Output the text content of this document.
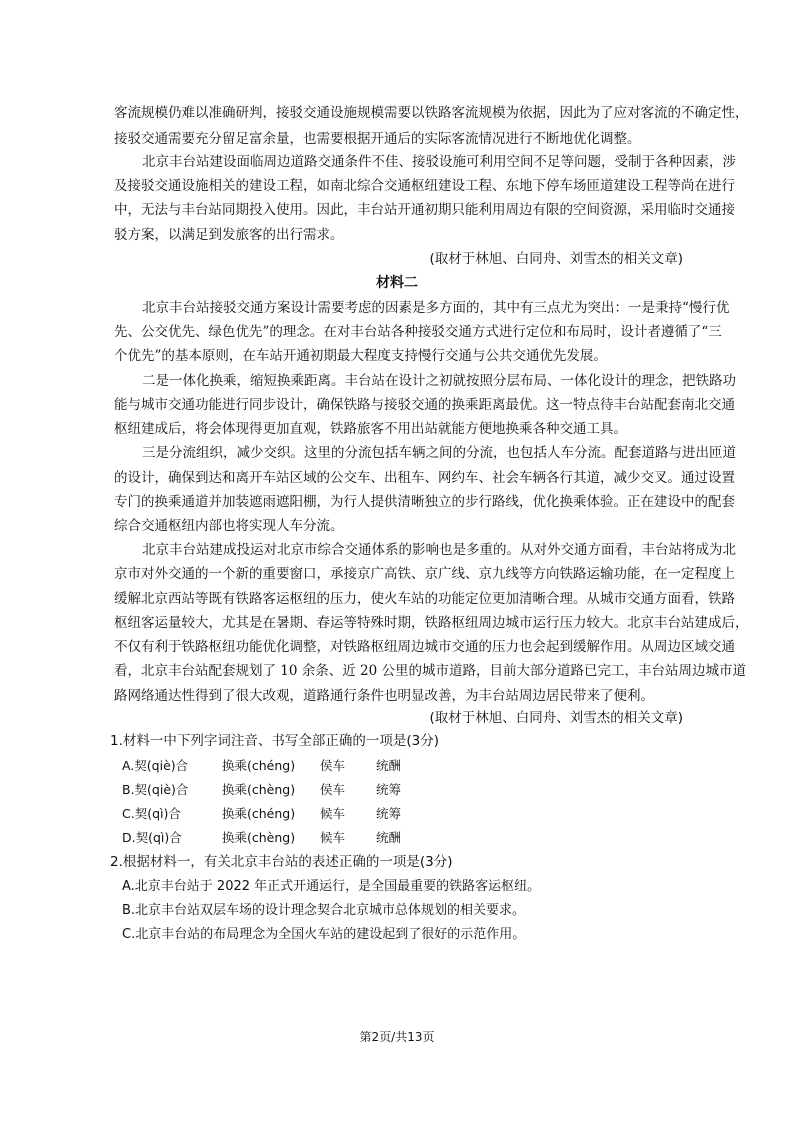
客流规模仍难以准确研判，接驳交通设施规模需要以铁路客流规模为依据，因此为了应对客流的不确定性，
接驳交通需要充分留足富余量，也需要根据开通后的实际客流情况进行不断地优化调整。
北京丰台站建设面临周边道路交通条件不佳、接驳设施可利用空间不足等问题，受制于各种因素，涉
及接驳交通设施相关的建设工程，如南北综合交通枢纽建设工程、东地下停车场匝道建设工程等尚在进行
中，无法与丰台站同期投入使用。因此，丰台站开通初期只能利用周边有限的空间资源，采用临时交通接
驳方案，以满足到发旅客的出行需求。
(取材于林旭、白同舟、刘雪杰的相关文章)
材料二
北京丰台站接驳交通方案设计需要考虑的因素是多方面的，其中有三点尤为突出：一是秉持“慢行优
先、公交优先、绿色优先”的理念。在对丰台站各种接驳交通方式进行定位和布局时，设计者遵循了“三
个优先”的基本原则，在车站开通初期最大程度支持慢行交通与公共交通优先发展。
二是一体化换乘，缩短换乘距离。丰台站在设计之初就按照分层布局、一体化设计的理念，把铁路功
能与城市交通功能进行同步设计，确保铁路与接驳交通的换乘距离最优。这一特点待丰台站配套南北交通
枢纽建成后，将会体现得更加直观，铁路旅客不用出站就能方便地换乘各种交通工具。
三是分流组织，减少交织。这里的分流包括车辆之间的分流，也包括人车分流。配套道路与进出匝道
的设计，确保到达和离开车站区域的公交车、出租车、网约车、社会车辆各行其道，减少交叉。通过设置
专门的换乘通道并加装遮雨遮阳棚，为行人提供清晰独立的步行路线，优化换乘体验。正在建设中的配套
综合交通枢纽内部也将实现人车分流。
北京丰台站建成投运对北京市综合交通体系的影响也是多重的。从对外交通方面看，丰台站将成为北
京市对外交通的一个新的重要窗口，承接京广高铁、京广线、京九线等方向铁路运输功能，在一定程度上
缓解北京西站等既有铁路客运枢纽的压力，使火车站的功能定位更加清晰合理。从城市交通方面看，铁路
枢纽客运量较大，尤其是在暑期、春运等特殊时期，铁路枢纽周边城市运行压力较大。北京丰台站建成后，
不仅有利于铁路枢纽功能优化调整，对铁路枢纽周边城市交通的压力也会起到缓解作用。从周边区域交通
看，北京丰台站配套规划了 10 余条、近 20 公里的城市道路，目前大部分道路已完工，丰台站周边城市道
路网络通达性得到了很大改观，道路通行条件也明显改善，为丰台站周边居民带来了便利。
(取材于林旭、白同舟、刘雪杰的相关文章)
1.材料一中下列字词注音、书写全部正确的一项是(3分)
A.契(qiè)合	换乘(chéng) 侯车 统酬
B.契(qiè)合	换乘(chèng) 侯车 统筹
C.契(qì)合	换乘(chéng) 候车 统筹
D.契(qì)合	换乘(chèng) 候车 统酬
2.根据材料一，有关北京丰台站的表述正确的一项是(3分)
A.北京丰台站于 2022 年正式开通运行，是全国最重要的铁路客运枢纽。
B.北京丰台站双层车场的设计理念契合北京城市总体规划的相关要求。
C.北京丰台站的布局理念为全国火车站的建设起到了很好的示范作用。
第2页/共13页
